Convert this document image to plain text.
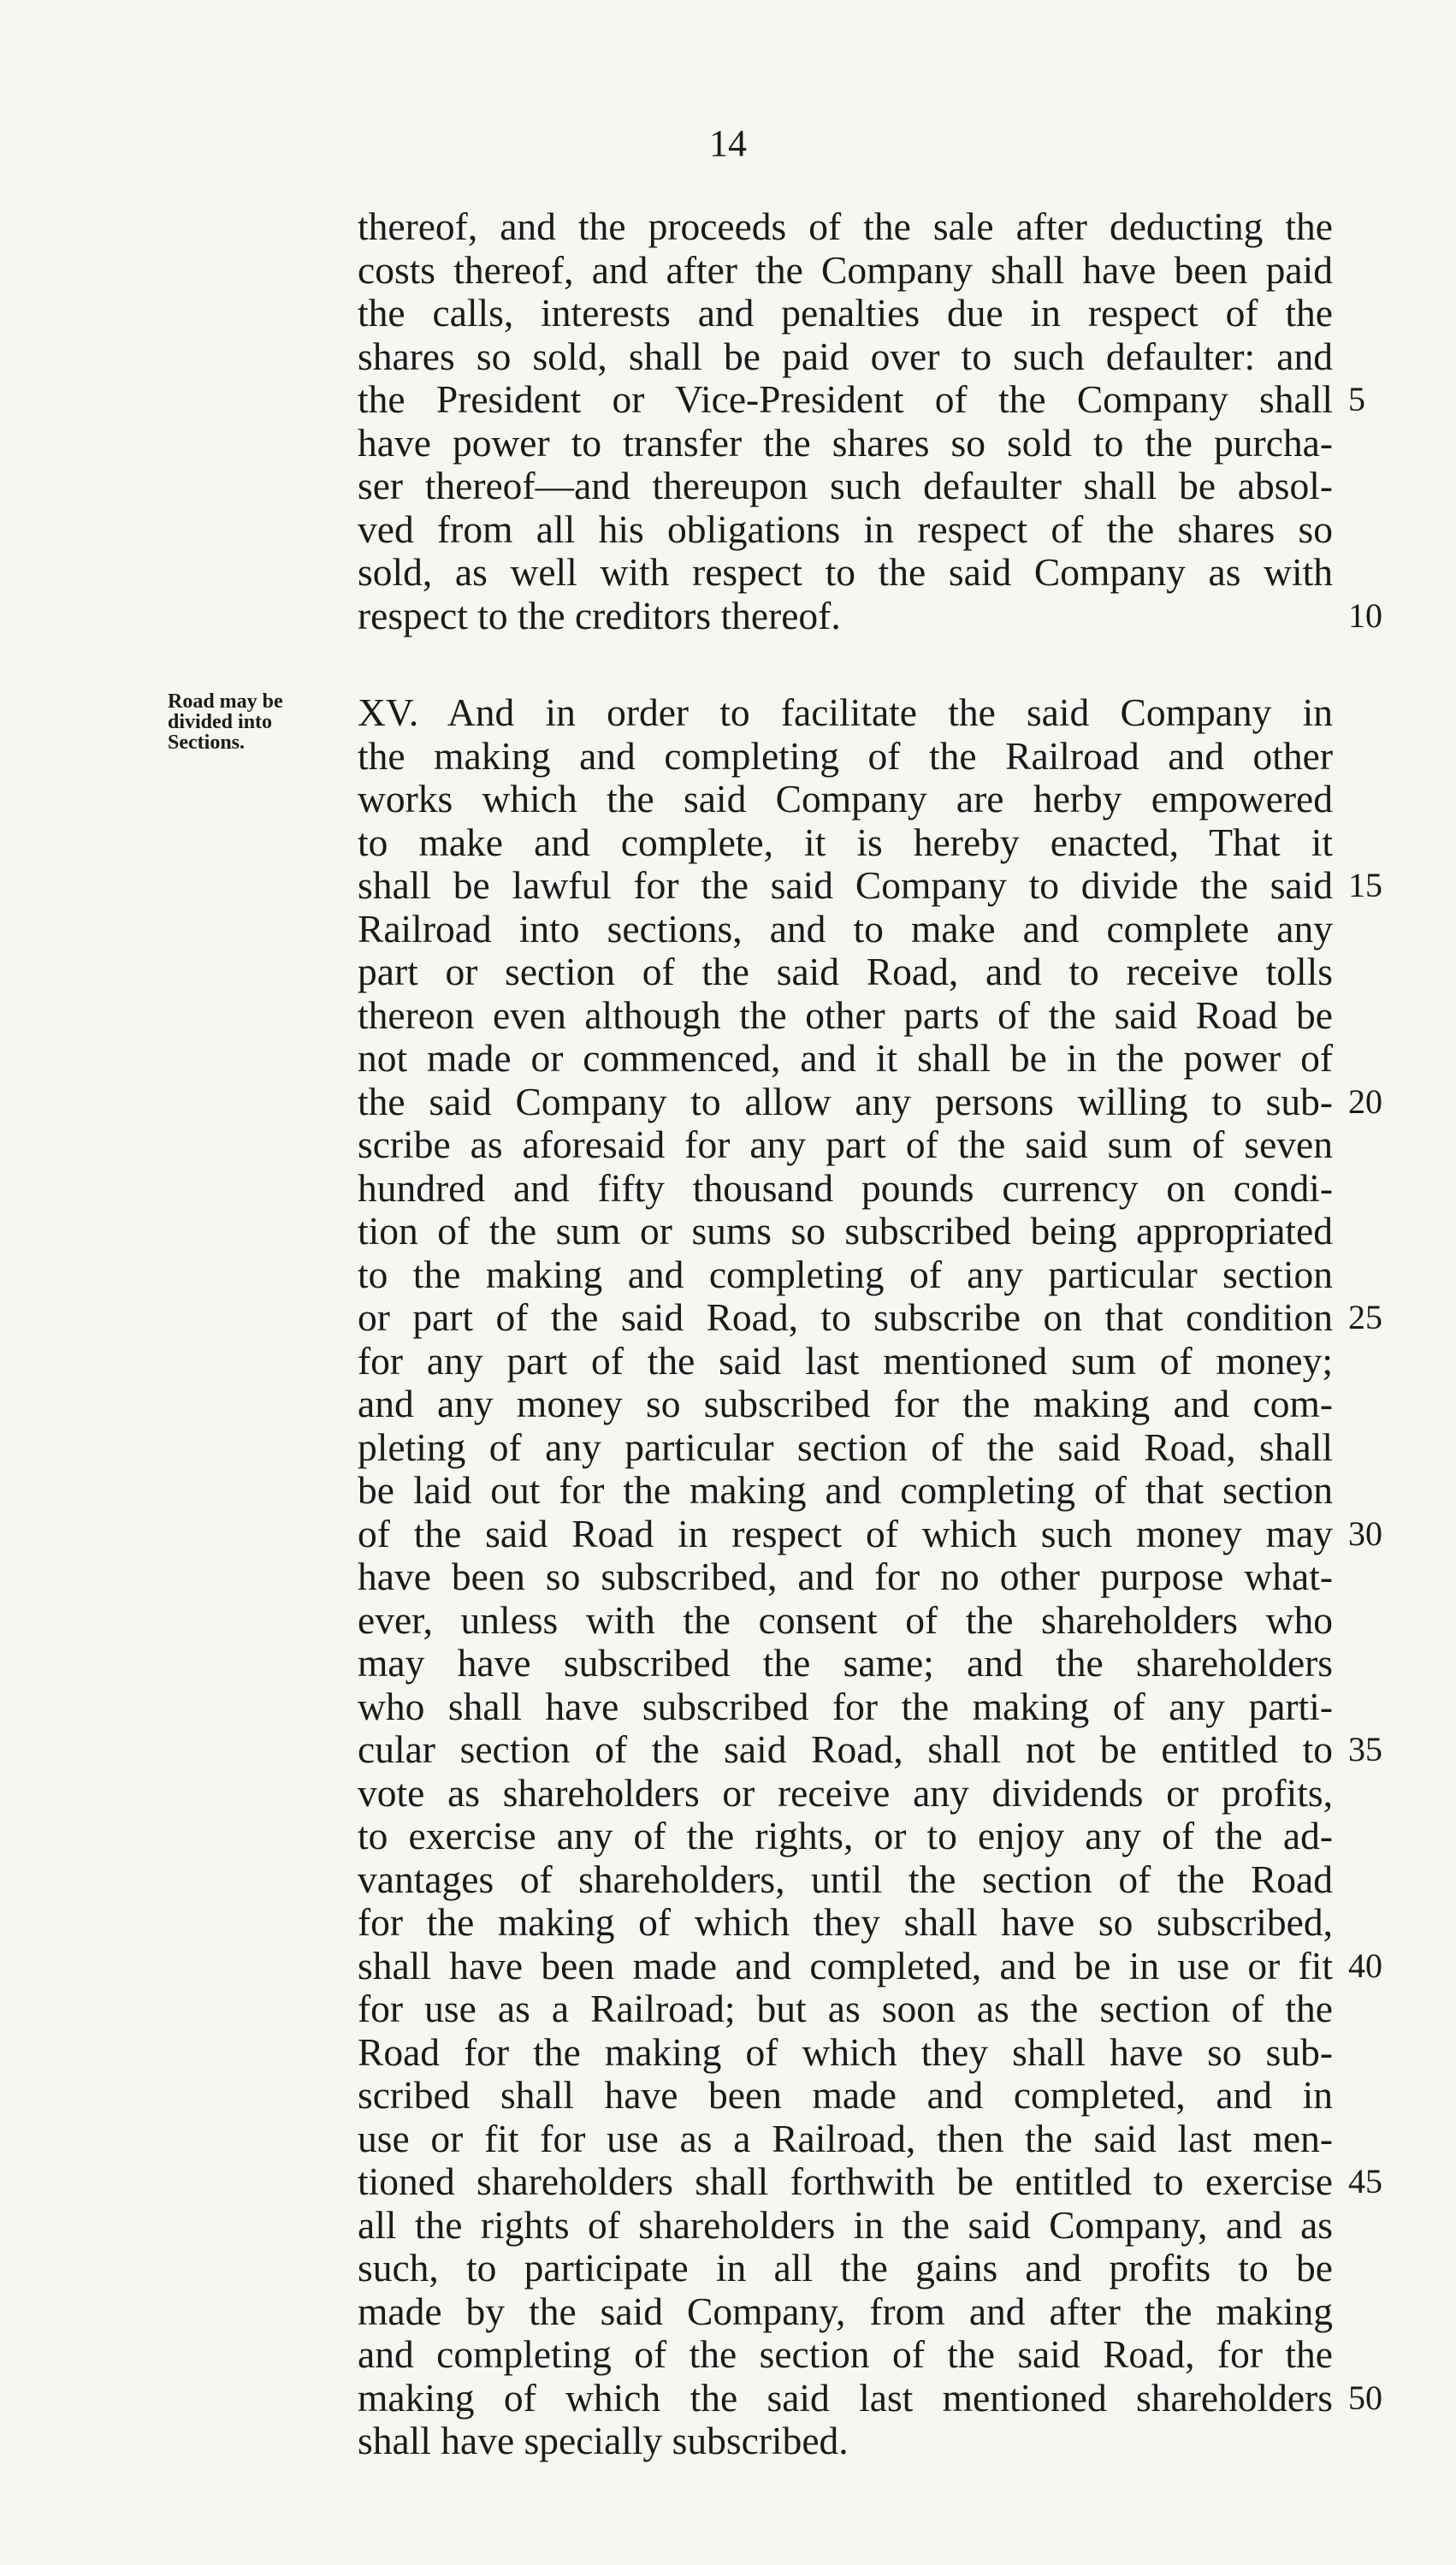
14
thereof, and the proceeds of the sale after deducting the
costs thereof, and after the Company shall have been paid
the calls, interests and penalties due in respect of the
shares so sold, shall be paid over to such defaulter: and
the President or Vice-President of the Company shall
have power to transfer the shares so sold to the purcha-
ser thereof—and thereupon such defaulter shall be absol-
ved from all his obligations in respect of the shares so
sold, as well with respect to the said Company as with
respect to the creditors thereof.
XV. And in order to facilitate the said Company in
the making and completing of the Railroad and other
works which the said Company are herby empowered
to make and complete, it is hereby enacted, That it
shall be lawful for the said Company to divide the said
Railroad into sections, and to make and complete any
part or section of the said Road, and to receive tolls
thereon even although the other parts of the said Road be
not made or commenced, and it shall be in the power of
the said Company to allow any persons willing to sub-
scribe as aforesaid for any part of the said sum of seven
hundred and fifty thousand pounds currency on condi-
tion of the sum or sums so subscribed being appropriated
to the making and completing of any particular section
or part of the said Road, to subscribe on that condition
for any part of the said last mentioned sum of money;
and any money so subscribed for the making and com-
pleting of any particular section of the said Road, shall
be laid out for the making and completing of that section
of the said Road in respect of which such money may
have been so subscribed, and for no other purpose what-
ever, unless with the consent of the shareholders who
may have subscribed the same; and the shareholders
who shall have subscribed for the making of any parti-
cular section of the said Road, shall not be entitled to
vote as shareholders or receive any dividends or profits,
to exercise any of the rights, or to enjoy any of the ad-
vantages of shareholders, until the section of the Road
for the making of which they shall have so subscribed,
shall have been made and completed, and be in use or fit
for use as a Railroad; but as soon as the section of the
Road for the making of which they shall have so sub-
scribed shall have been made and completed, and in
use or fit for use as a Railroad, then the said last men-
tioned shareholders shall forthwith be entitled to exercise
all the rights of shareholders in the said Company, and as
such, to participate in all the gains and profits to be
made by the said Company, from and after the making
and completing of the section of the said Road, for the
making of which the said last mentioned shareholders
shall have specially subscribed.
5
10
15
20
25
30
35
40
45
50
Road may be
divided into
Sections.
